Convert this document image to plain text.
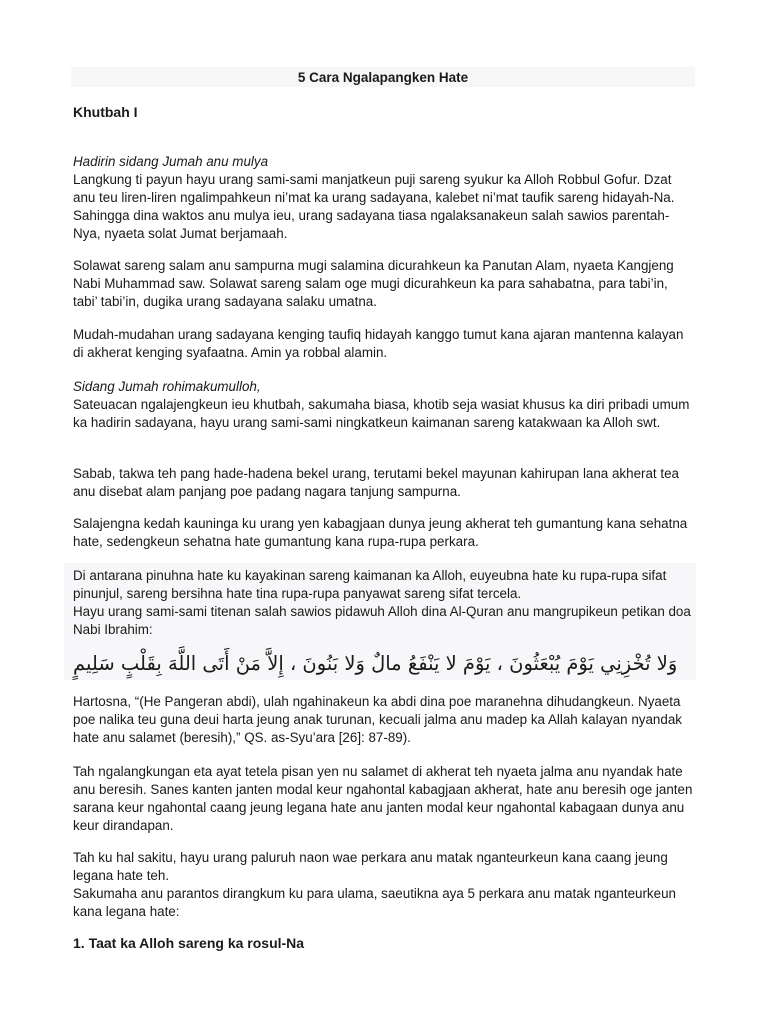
5 Cara Ngalapangken Hate
Khutbah I

Hadirin sidang Jumah anu mulya

Langkung ti payun hayu urang sami-sami manjatkeun puji sareng syukur ka Alloh Robbul Gofur. Dzat anu teu liren-liren ngalimpahkeun ni’mat ka urang sadayana, kalebet ni’mat taufik sareng hidayah-Na. Sahingga dina waktos anu mulya ieu, urang sadayana tiasa ngalaksanakeun salah sawios parentah-Nya, nyaeta solat Jumat berjamaah.

Solawat sareng salam anu sampurna mugi salamina dicurahkeun ka Panutan Alam, nyaeta Kangjeng Nabi Muhammad saw. Solawat sareng salam oge mugi dicurahkeun ka para sahabatna, para tabi’in, tabi’ tabi’in, dugika urang sadayana salaku umatna.

Mudah-mudahan urang sadayana kenging taufiq hidayah kanggo tumut kana ajaran mantenna kalayan di akherat kenging syafaatna. Amin ya robbal alamin.

Sidang Jumah rohimakumulloh,

Sateuacan ngalajengkeun ieu khutbah, sakumaha biasa, khotib seja wasiat khusus ka diri pribadi umum ka hadirin sadayana, hayu urang sami-sami ningkatkeun kaimanan sareng katakwaan ka Alloh swt.

Sabab, takwa teh pang hade-hadena bekel urang, terutami bekel mayunan kahirupan lana akherat tea anu disebat alam panjang poe padang nagara tanjung sampurna.

Salajengna kedah kauninga ku urang yen kabagjaan dunya jeung akherat teh gumantung kana sehatna hate, sedengkeun sehatna hate gumantung kana rupa-rupa perkara.

Di antarana pinuhna hate ku kayakinan sareng kaimanan ka Alloh, euyeubna hate ku rupa-rupa sifat pinunjul, sareng bersihna hate tina rupa-rupa panyawat sareng sifat tercela.

Hayu urang sami-sami titenan salah sawios pidawuh Alloh dina Al-Quran anu mangrupikeun petikan doa Nabi Ibrahim:

وَلا تُخْزِنِي يَوْمَ يُبْعَثُونَ ، يَوْمَ لا يَنْفَعُ مالٌ وَلا بَنُونَ ، إِلاَّ مَنْ أَتَى اللَّهَ بِقَلْبٍ سَلِيمٍ

Hartosna, “(He Pangeran abdi), ulah ngahinakeun ka abdi dina poe maranehna dihudangkeun. Nyaeta poe nalika teu guna deui harta jeung anak turunan, kecuali jalma anu madep ka Allah kalayan nyandak hate anu salamet (beresih),” QS. as-Syu’ara [26]: 87-89).

Tah ngalangkungan eta ayat tetela pisan yen nu salamet di akherat teh nyaeta jalma anu nyandak hate anu beresih. Sanes kanten janten modal keur ngahontal kabagjaan akherat, hate anu beresih oge janten sarana keur ngahontal caang jeung legana hate anu janten modal keur ngahontal kabagaan dunya anu keur dirandapan.

Tah ku hal sakitu, hayu urang paluruh naon wae perkara anu matak nganteurkeun kana caang jeung legana hate teh.

Sakumaha anu parantos dirangkum ku para ulama, saeutikna aya 5 perkara anu matak nganteurkeun kana legana hate:

1. Taat ka Alloh sareng ka rosul-Na
